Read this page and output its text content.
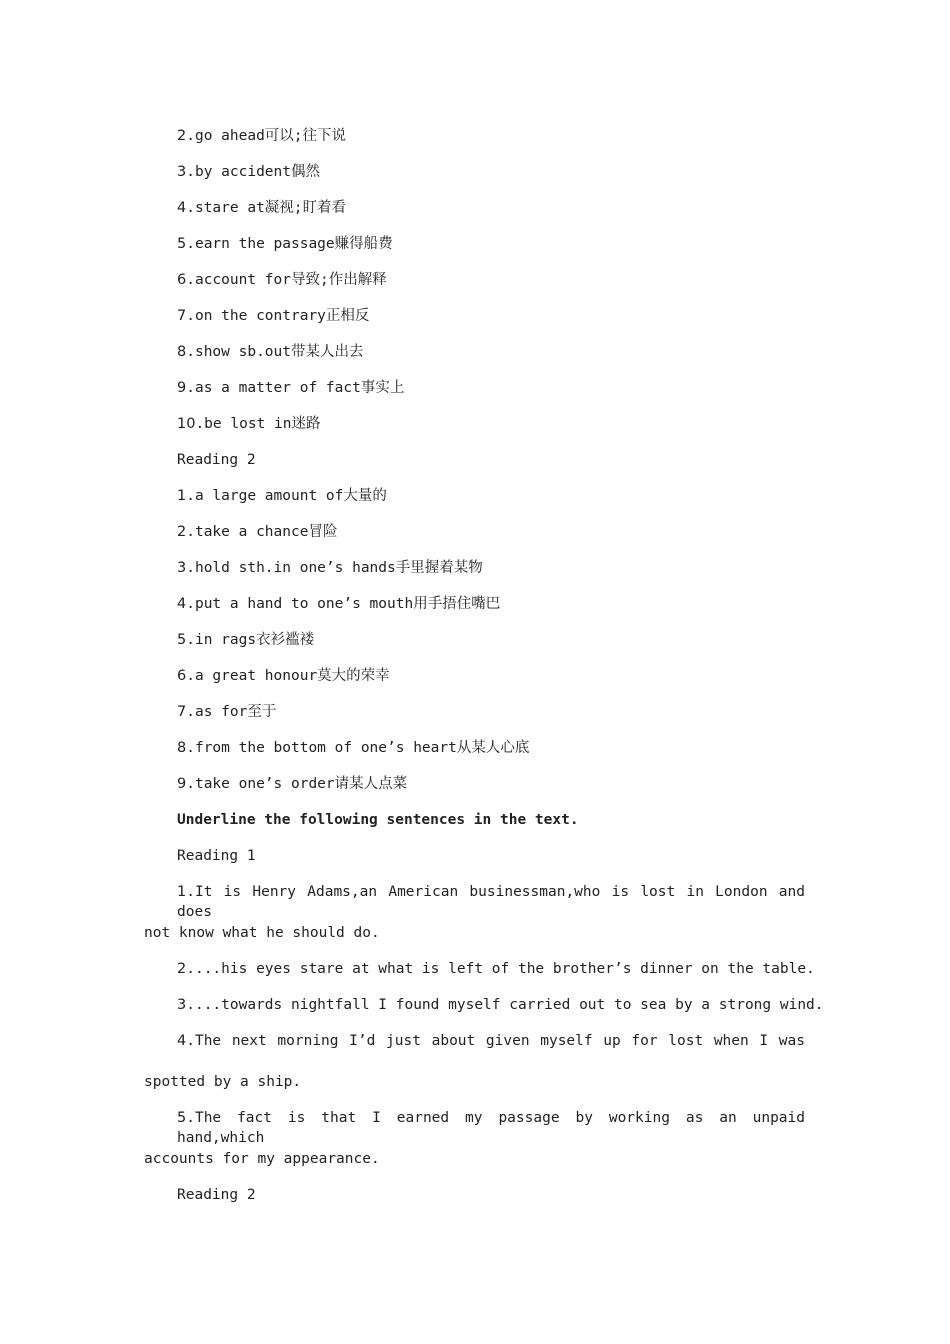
2.go ahead可以;往下说
3.by accident偶然
4.stare at凝视;盯着看
5.earn the passage赚得船费
6.account for导致;作出解释
7.on the contrary正相反
8.show sb.out带某人出去
9.as a matter of fact事实上
10.be lost in迷路
Reading 2
1.a large amount of大量的
2.take a chance冒险
3.hold sth.in one’s hands手里握着某物
4.put a hand to one’s mouth用手捂住嘴巴
5.in rags衣衫褴褛
6.a great honour莫大的荣幸
7.as for至于
8.from the bottom of one’s heart从某人心底
9.take one’s order请某人点菜
Underline the following sentences in the text.
Reading 1
1.It is Henry Adams,an American businessman,who is lost in London and does
not know what he should do.
2....his eyes stare at what is left of the brother’s dinner on the table.
3....towards nightfall I found myself carried out to sea by a strong wind.
4.The next morning I’d just about given myself up for lost when I was
spotted by a ship.
5.The fact is that I earned my passage by working as an unpaid hand,which
accounts for my appearance.
Reading 2
